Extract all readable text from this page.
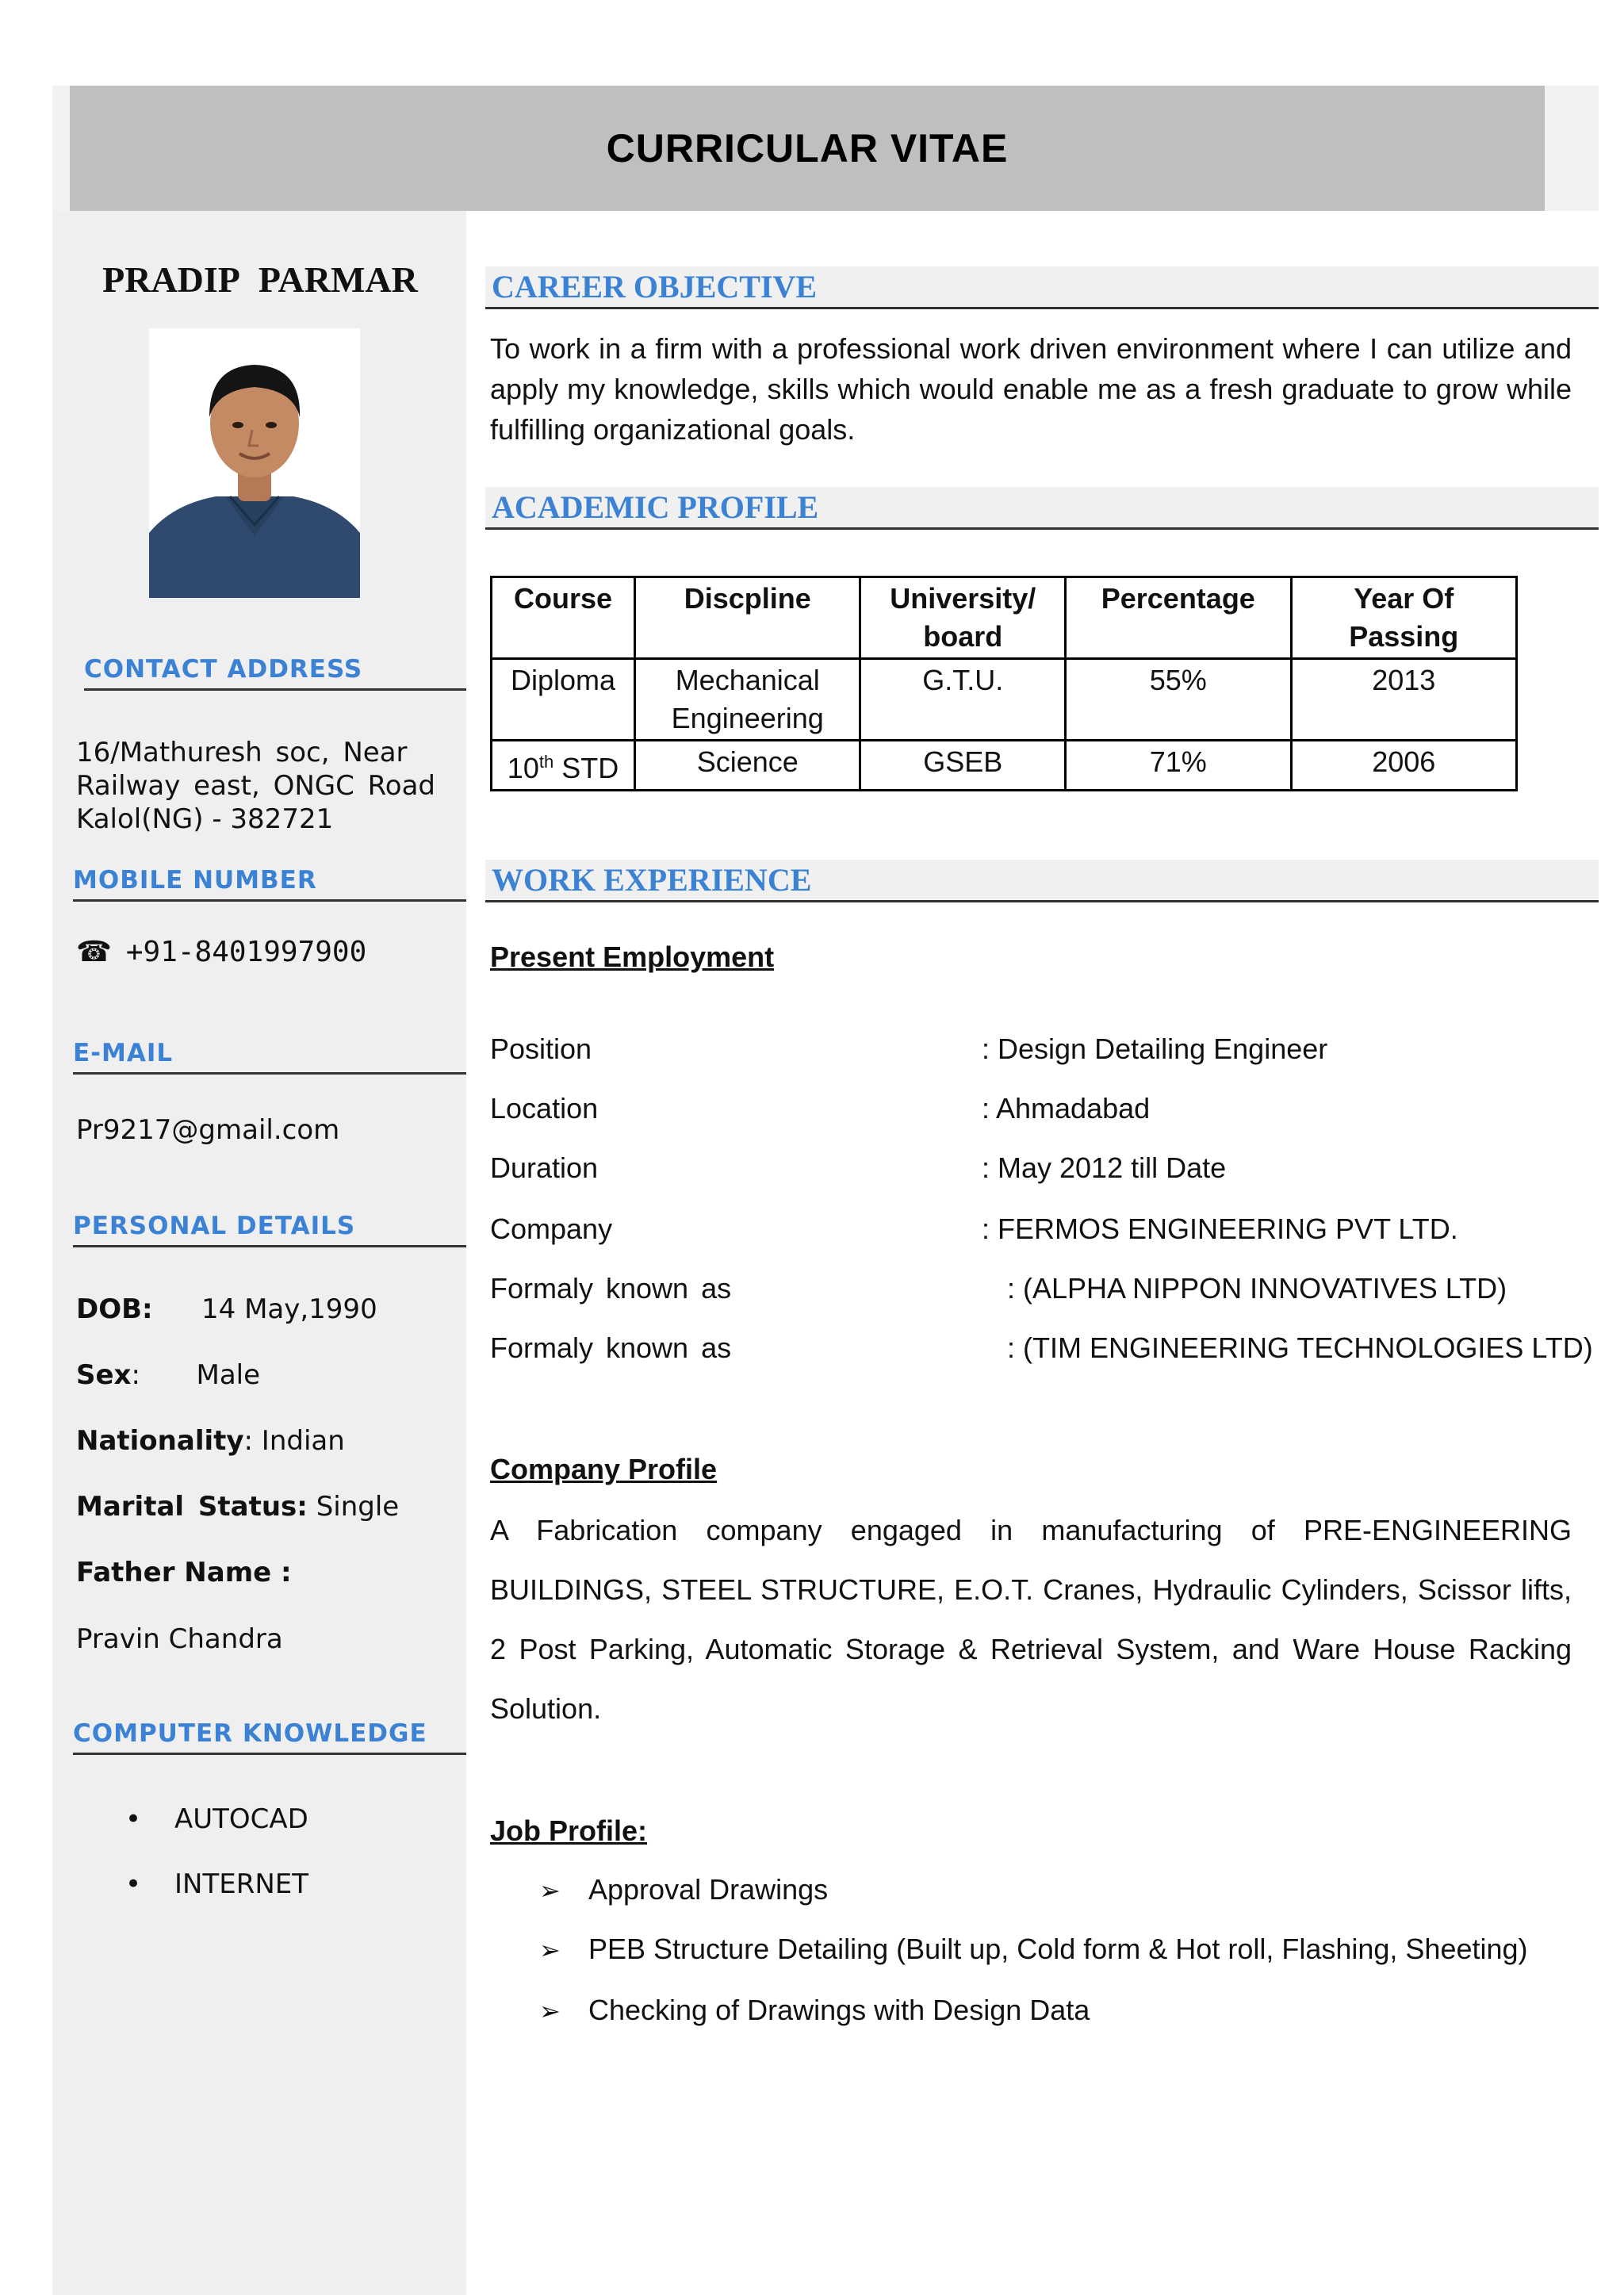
CURRICULAR VITAE
PRADIP PARMAR
CONTACT ADDRESS
16/Mathuresh soc, Near
Railway east, ONGC Road
Kalol(NG) - 382721
MOBILE NUMBER
☎ +91-8401997900
E-MAIL
Pr9217@gmail.com
PERSONAL DETAILS
DOB: 14 May,1990
Sex: Male
Nationality: Indian
Marital Status: Single
Father Name :
Pravin Chandra
COMPUTER KNOWLEDGE
• AUTOCAD
• INTERNET
CAREER OBJECTIVE
To work in a firm with a professional work driven environment where I can utilize and apply my knowledge, skills which would enable me as a fresh graduate to grow while fulfilling organizational goals.
ACADEMIC PROFILE
Course	Discpline	University/ board	Percentage	Year Of Passing
Diploma	Mechanical Engineering	G.T.U.	55%	2013
10th STD	Science	GSEB	71%	2006
WORK EXPERIENCE
Present Employment
Position	: Design Detailing Engineer
Location	: Ahmadabad
Duration	: May 2012 till Date
Company	: FERMOS ENGINEERING PVT LTD.
Formaly known as	: (ALPHA NIPPON INNOVATIVES LTD)
Formaly known as	: (TIM ENGINEERING TECHNOLOGIES LTD)
Company Profile
A Fabrication company engaged in manufacturing of PRE-ENGINEERING BUILDINGS, STEEL STRUCTURE, E.O.T. Cranes, Hydraulic Cylinders, Scissor lifts, 2 Post Parking, Automatic Storage & Retrieval System, and Ware House Racking Solution.
Job Profile:
➢ Approval Drawings
➢ PEB Structure Detailing (Built up, Cold form & Hot roll, Flashing, Sheeting)
➢ Checking of Drawings with Design Data
